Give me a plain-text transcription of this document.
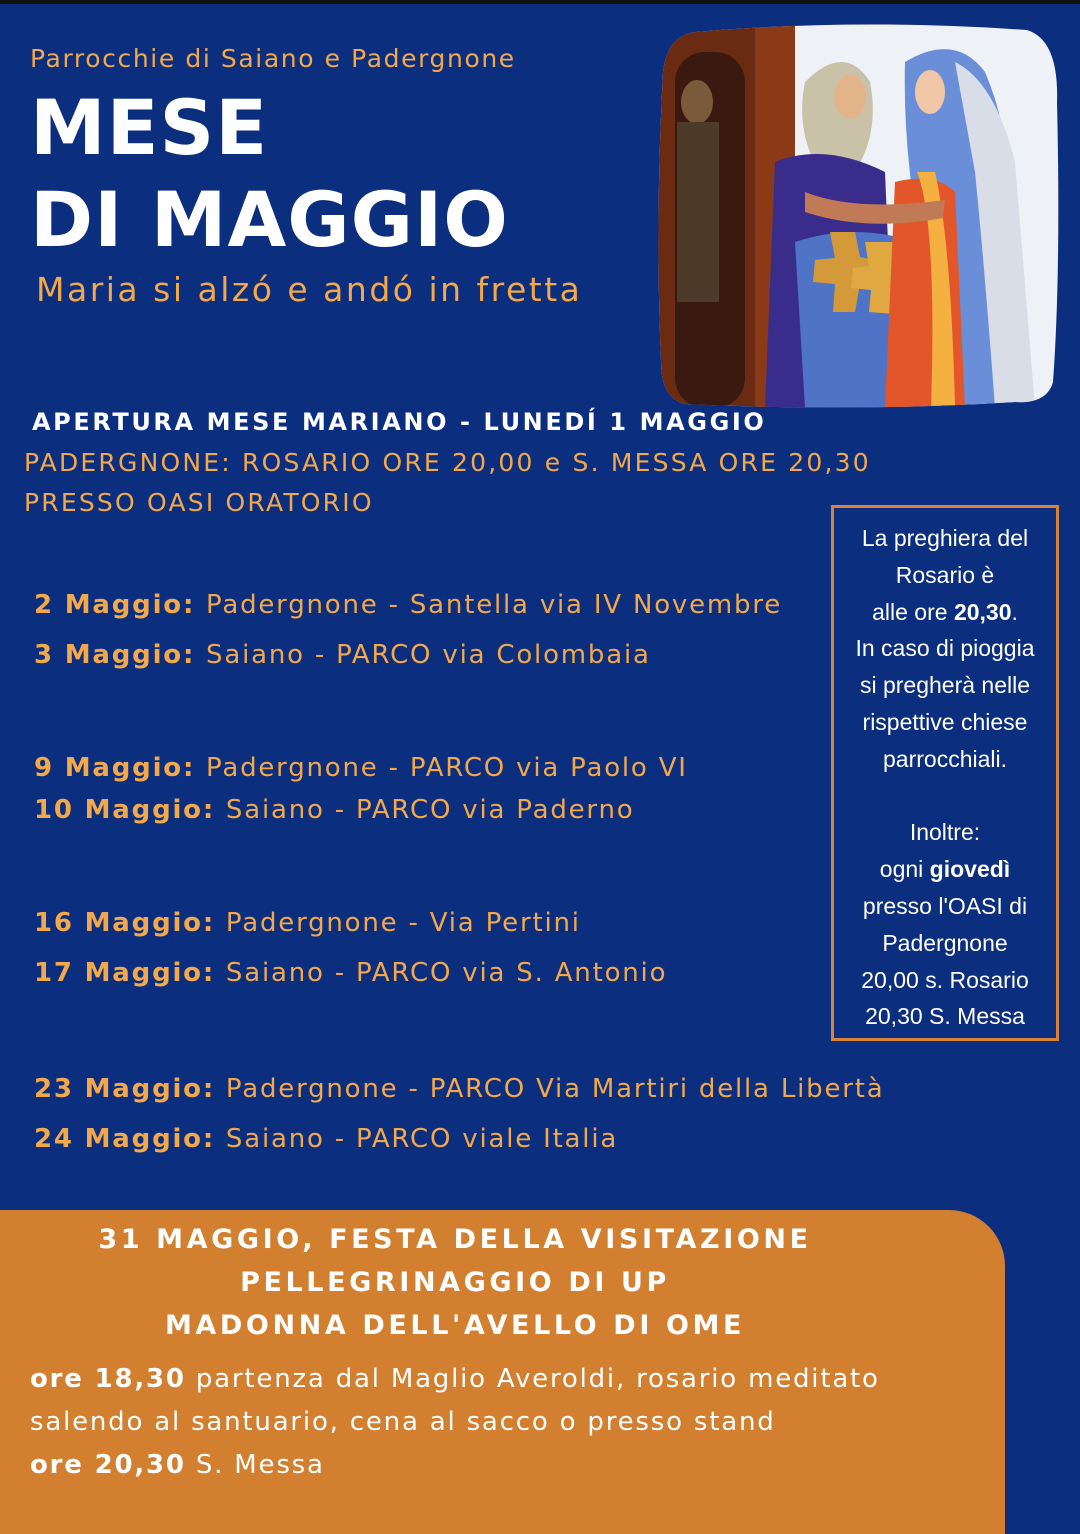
Parrocchie di Saiano e Padergnone
MESE
DI MAGGIO
Maria si alzó e andó in fretta
APERTURA MESE MARIANO - LUNEDÍ 1 MAGGIO
PADERGNONE: ROSARIO ORE 20,00 e S. MESSA ORE 20,30
PRESSO OASI ORATORIO
2 Maggio: Padergnone - Santella via IV Novembre
3 Maggio: Saiano - PARCO via Colombaia
9 Maggio: Padergnone - PARCO via Paolo VI
10 Maggio: Saiano - PARCO via Paderno
16 Maggio: Padergnone - Via Pertini
17 Maggio: Saiano - PARCO via S. Antonio
23 Maggio: Padergnone - PARCO Via Martiri della Libertà
24 Maggio: Saiano - PARCO viale Italia
La preghiera del
Rosario è
alle ore 20,30.
In caso di pioggia
si pregherà nelle
rispettive chiese
parrocchiali.
Inoltre:
ogni giovedì
presso l'OASI di
Padergnone
20,00 s. Rosario
20,30 S. Messa
31 MAGGIO, FESTA DELLA VISITAZIONE
PELLEGRINAGGIO DI UP
MADONNA DELL'AVELLO DI OME
ore 18,30 partenza dal Maglio Averoldi, rosario meditato
salendo al santuario, cena al sacco o presso stand
ore 20,30 S. Messa
